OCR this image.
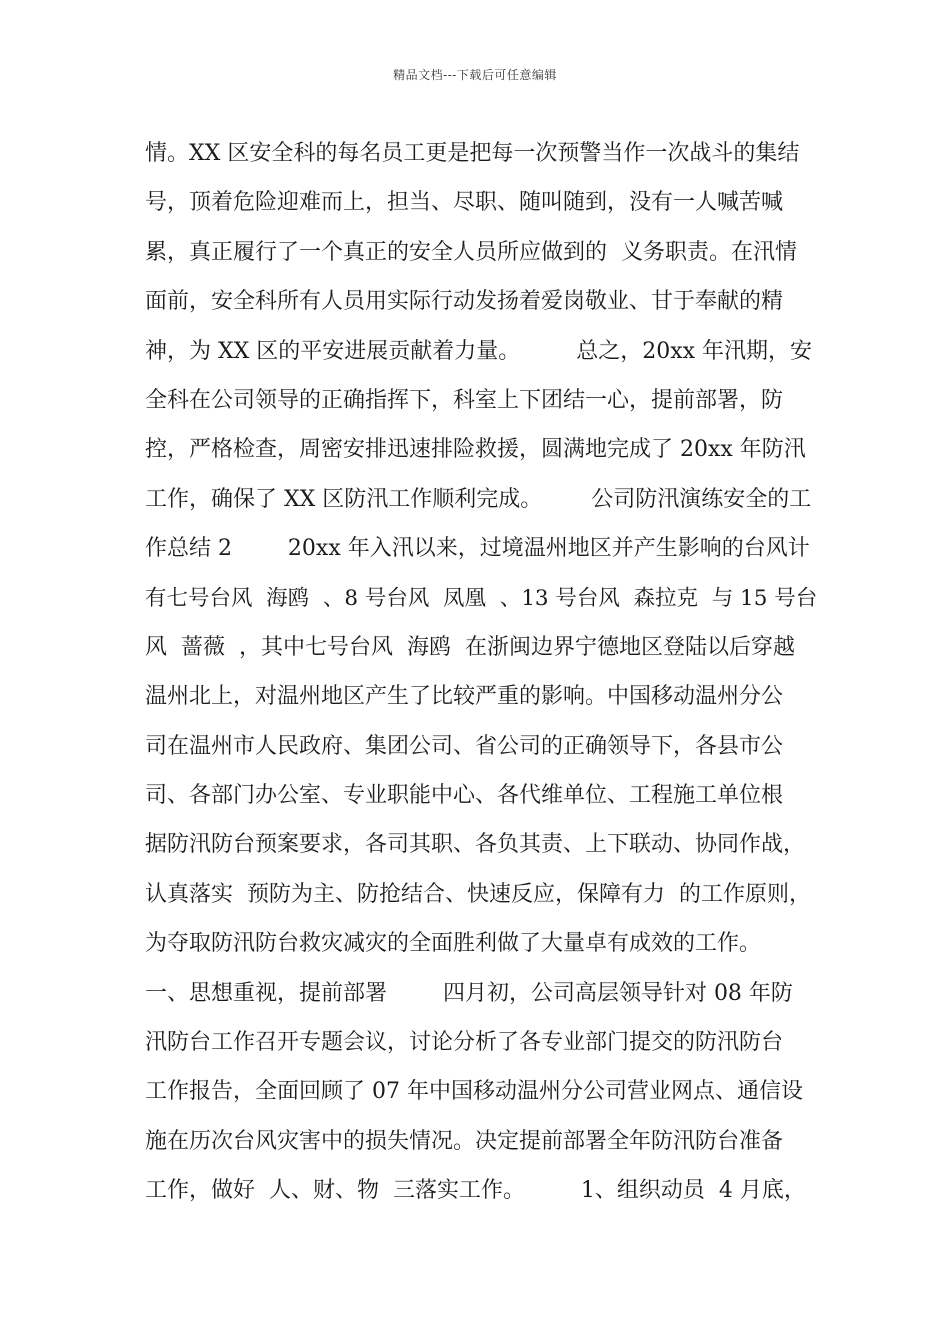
精品文档---下载后可任意编辑
情。XX 区安全科的每名员工更是把每一次预警当作一次战斗的集结
号，顶着危险迎难而上，担当、尽职、随叫随到，没有一人喊苦喊
累，真正履行了一个真正的安全人员所应做到的  义务职责。在汛情
面前，安全科所有人员用实际行动发扬着爱岗敬业、甘于奉献的精
神，为 XX 区的平安进展贡献着力量。        总之，20xx 年汛期，安
全科在公司领导的正确指挥下，科室上下团结一心，提前部署，防
控，严格检查，周密安排迅速排险救援，圆满地完成了 20xx 年防汛
工作，确保了 XX 区防汛工作顺利完成。       公司防汛演练安全的工
作总结 2        20xx 年入汛以来，过境温州地区并产生影响的台风计
有七号台风  海鸥  、8 号台风  凤凰  、13 号台风  森拉克  与 15 号台
风  蔷薇  ，其中七号台风  海鸥  在浙闽边界宁德地区登陆以后穿越
温州北上，对温州地区产生了比较严重的影响。中国移动温州分公
司在温州市人民政府、集团公司、省公司的正确领导下，各县市公
司、各部门办公室、专业职能中心、各代维单位、工程施工单位根
据防汛防台预案要求，各司其职、各负其责、上下联动、协同作战，
认真落实  预防为主、防抢结合、快速反应，保障有力  的工作原则，
为夺取防汛防台救灾减灾的全面胜利做了大量卓有成效的工作。
一、思想重视，提前部署        四月初，公司高层领导针对 08 年防
汛防台工作召开专题会议，讨论分析了各专业部门提交的防汛防台
工作报告，全面回顾了 07 年中国移动温州分公司营业网点、通信设
施在历次台风灾害中的损失情况。决定提前部署全年防汛防台准备
工作，做好  人、财、物  三落实工作。        1、组织动员  4 月底，
